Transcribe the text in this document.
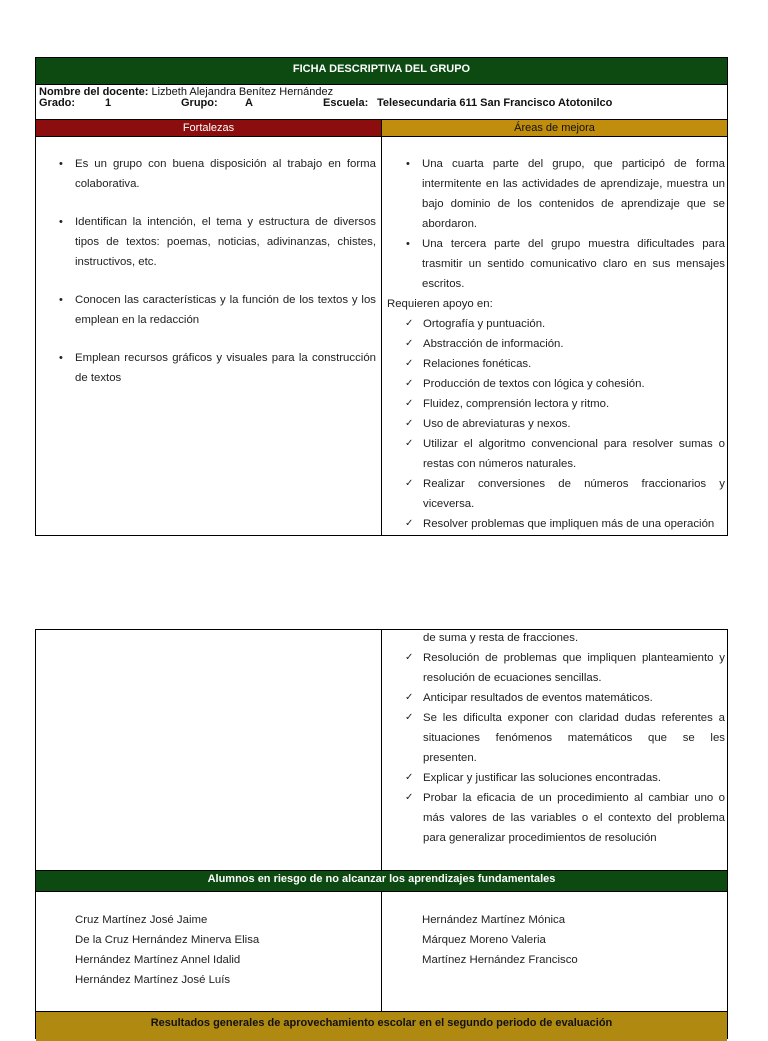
FICHA DESCRIPTIVA DEL GRUPO
Nombre del docente: Lizbeth Alejandra Benítez Hernández
Grado:	1	Grupo: A	Escuela: Telesecundaria 611 San Francisco Atotonilco
Fortalezas	Áreas de mejora
• Es un grupo con buena disposición al trabajo en forma colaborativa.
• Identifican la intención, el tema y estructura de diversos tipos de textos: poemas, noticias, adivinanzas, chistes, instructivos, etc.
• Conocen las características y la función de los textos y los emplean en la redacción
• Emplean recursos gráficos y visuales para la construcción de textos
• Una cuarta parte del grupo, que participó de forma intermitente en las actividades de aprendizaje, muestra un bajo dominio de los contenidos de aprendizaje que se abordaron.
• Una tercera parte del grupo muestra dificultades para trasmitir un sentido comunicativo claro en sus mensajes escritos.
Requieren apoyo en:
✓ Ortografía y puntuación.
✓ Abstracción de información.
✓ Relaciones fonéticas.
✓ Producción de textos con lógica y cohesión.
✓ Fluidez, comprensión lectora y ritmo.
✓ Uso de abreviaturas y nexos.
✓ Utilizar el algoritmo convencional para resolver sumas o restas con números naturales.
✓ Realizar conversiones de números fraccionarios y viceversa.
✓ Resolver problemas que impliquen más de una operación
de suma y resta de fracciones.
✓ Resolución de problemas que impliquen planteamiento y resolución de ecuaciones sencillas.
✓ Anticipar resultados de eventos matemáticos.
✓ Se les dificulta exponer con claridad dudas referentes a situaciones fenómenos matemáticos que se les presenten.
✓ Explicar y justificar las soluciones encontradas.
✓ Probar la eficacia de un procedimiento al cambiar uno o más valores de las variables o el contexto del problema para generalizar procedimientos de resolución
Alumnos en riesgo de no alcanzar los aprendizajes fundamentales
Cruz Martínez José Jaime
De la Cruz Hernández Minerva Elisa
Hernández Martínez Annel Idalid
Hernández Martínez José Luís
Hernández Martínez Mónica
Márquez Moreno Valeria
Martínez Hernández Francisco
Resultados generales de aprovechamiento escolar en el segundo periodo de evaluación
